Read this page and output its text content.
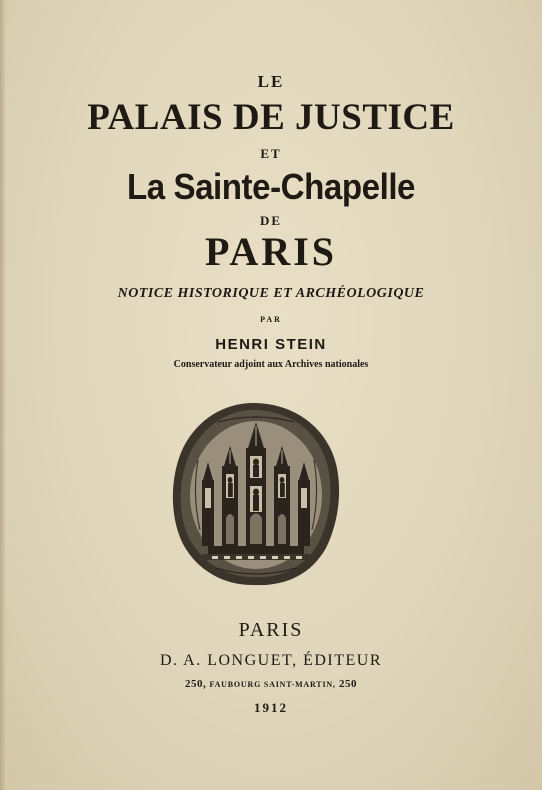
LE
PALAIS DE JUSTICE
ET
La Sainte-Chapelle
DE
PARIS
NOTICE HISTORIQUE ET ARCHÉOLOGIQUE
PAR
HENRI STEIN
Conservateur adjoint aux Archives nationales
PARIS
D. A. LONGUET, ÉDITEUR
250, FAUBOURG SAINT-MARTIN, 250
1912
